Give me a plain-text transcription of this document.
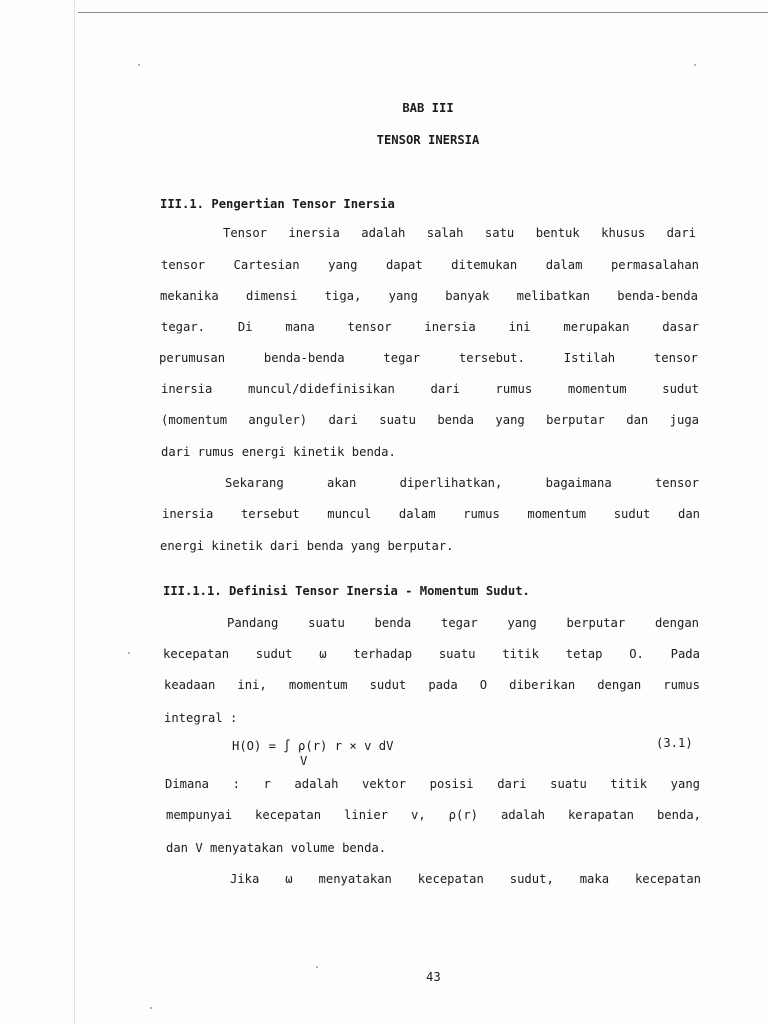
BAB III

TENSOR INERSIA

III.1. Pengertian Tensor Inersia

Tensor inersia adalah salah satu bentuk khusus dari

tensor Cartesian yang dapat ditemukan dalam permasalahan

mekanika dimensi tiga, yang banyak melibatkan benda-benda

tegar. Di mana tensor inersia ini merupakan dasar

perumusan benda-benda tegar tersebut. Istilah tensor

inersia muncul/didefinisikan dari rumus momentum sudut

(momentum anguler) dari suatu benda yang berputar dan juga

dari rumus energi kinetik benda.

Sekarang akan diperlihatkan, bagaimana tensor

inersia tersebut muncul dalam rumus momentum sudut dan

energi kinetik dari benda yang berputar.

III.1.1. Definisi Tensor Inersia - Momentum Sudut.

Pandang suatu benda tegar yang berputar dengan

kecepatan sudut ω terhadap suatu titik tetap O. Pada

keadaan ini, momentum sudut pada O diberikan dengan rumus

integral :

H(O) = ∫ ρ(r) r × v dV

V

(3.1)

Dimana : r adalah vektor posisi dari suatu titik yang

mempunyai kecepatan linier v, ρ(r) adalah kerapatan benda,

dan V menyatakan volume benda.

Jika ω menyatakan kecepatan sudut, maka kecepatan

43
